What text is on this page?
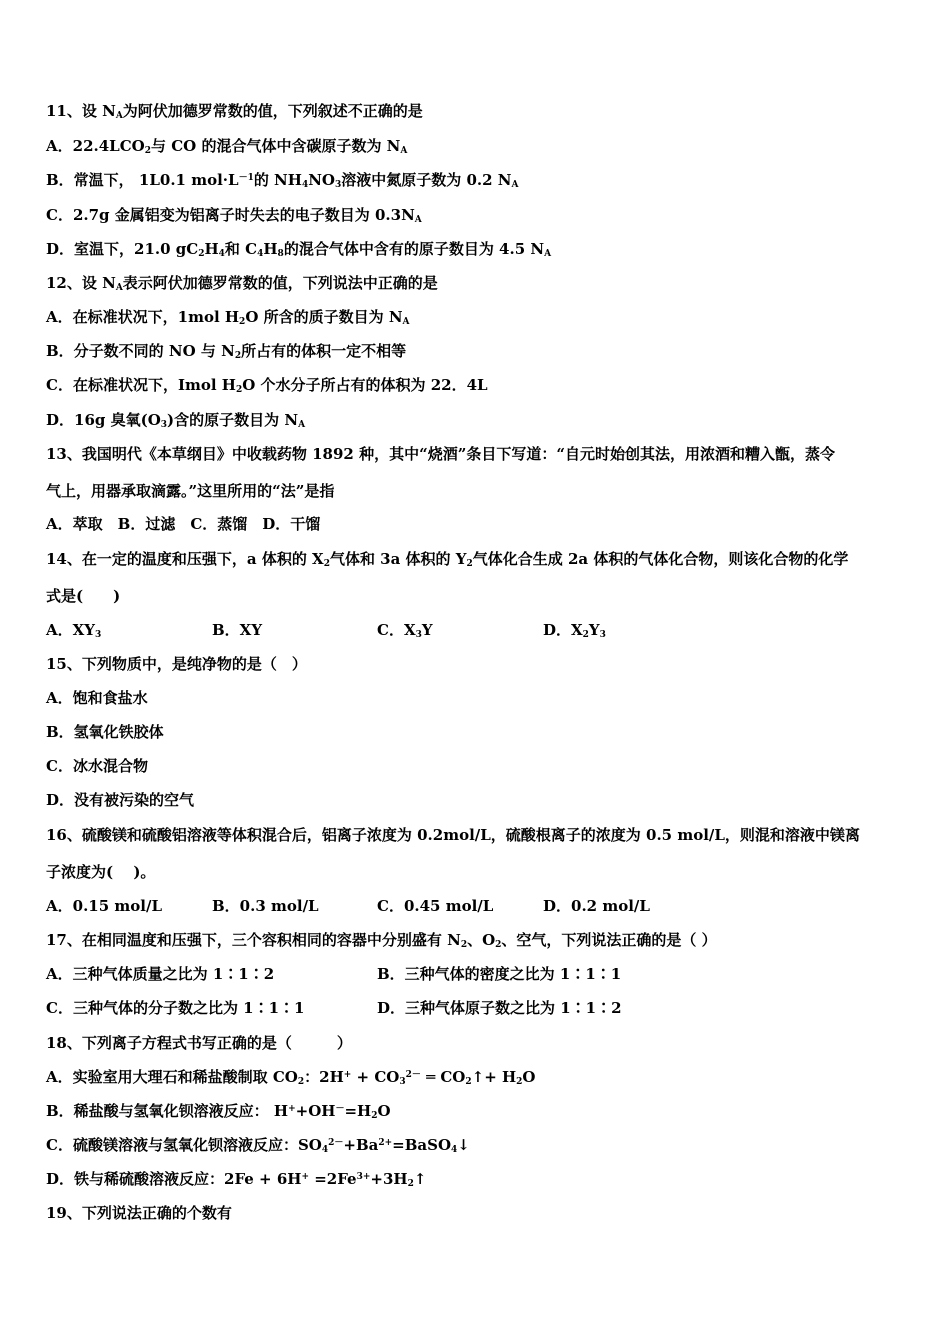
11、设 $N_A$为阿伏加德罗常数的值，下列叙述不正确的是
A．$22.4LCO_2$与 CO 的混合气体中含碳原子数为 $N_A$
B．常温下， 1L0.1 $mol\cdot L^{-1}$的 $NH_4NO_3$溶液中氮原子数为 0.2 $N_A$
C．2.7g 金属铝变为铝离子时失去的电子数目为 $0.3N_A$
D．室温下，21.0 $gC_2H_4$和 $C_4H_8$的混合气体中含有的原子数目为 4.5 $N_A$
12、设 $N_A$表示阿伏加德罗常数的值，下列说法中正确的是
A．在标准状况下，1mol $H_2O$ 所含的质子数目为 $N_A$
B．分子数不同的 NO 与 $N_2$所占有的体积一定不相等
C．在标准状况下，Imol $H_2O$ 个水分子所占有的体积为 22．4L
D．16g 臭氧$(O_3)$含的原子数目为 $N_A$
13、我国明代《本草纲目》中收载药物 1892 种，其中“烧酒”条目下写道：“自元时始创其法，用浓酒和糟入甑，蒸令
气上，用器承取滴露。”这里所用的“法”是指
A．萃取　B．过滤　C．蒸馏　D．干馏
14、在一定的温度和压强下，a 体积的 $X_2$气体和 3a 体积的 $Y_2$气体化合生成 2a 体积的气体化合物，则该化合物的化学
式是(　　)
A．$XY_3$	B．XY	C．$X_3Y$	D．$X_2Y_3$
15、下列物质中，是纯净物的是（　）
A．饱和食盐水
B．氢氧化铁胶体
C．冰水混合物
D．没有被污染的空气
16、硫酸镁和硫酸铝溶液等体积混合后，铝离子浓度为 0.2mol/L，硫酸根离子的浓度为 0.5 mol/L，则混和溶液中镁离
子浓度为(　 )。
A．0.15 mol/L	B．0.3 mol/L	C．0.45 mol/L	D．0.2 mol/L
17、在相同温度和压强下，三个容积相同的容器中分别盛有 $N_2$、$O_2$、空气，下列说法正确的是（ ）
A．三种气体质量之比为 1∶1∶2	B．三种气体的密度之比为 1∶1∶1
C．三种气体的分子数之比为 1∶1∶1	D．三种气体原子数之比为 1∶1∶2
18、下列离子方程式书写正确的是（　　　）
A．实验室用大理石和稀盐酸制取 $CO_2$：$2H^+ + CO_3^{2-}$ ═ $CO_2↑+ H_2O$
B．稀盐酸与氢氧化钡溶液反应： $H^++OH^-=H_2O$
C．硫酸镁溶液与氢氧化钡溶液反应：$SO_4^{2-}+Ba^{2+}=BaSO_4↓$
D．铁与稀硫酸溶液反应：$2Fe + 6H^+ =2Fe^{3+}+3H_2↑$
19、下列说法正确的个数有
